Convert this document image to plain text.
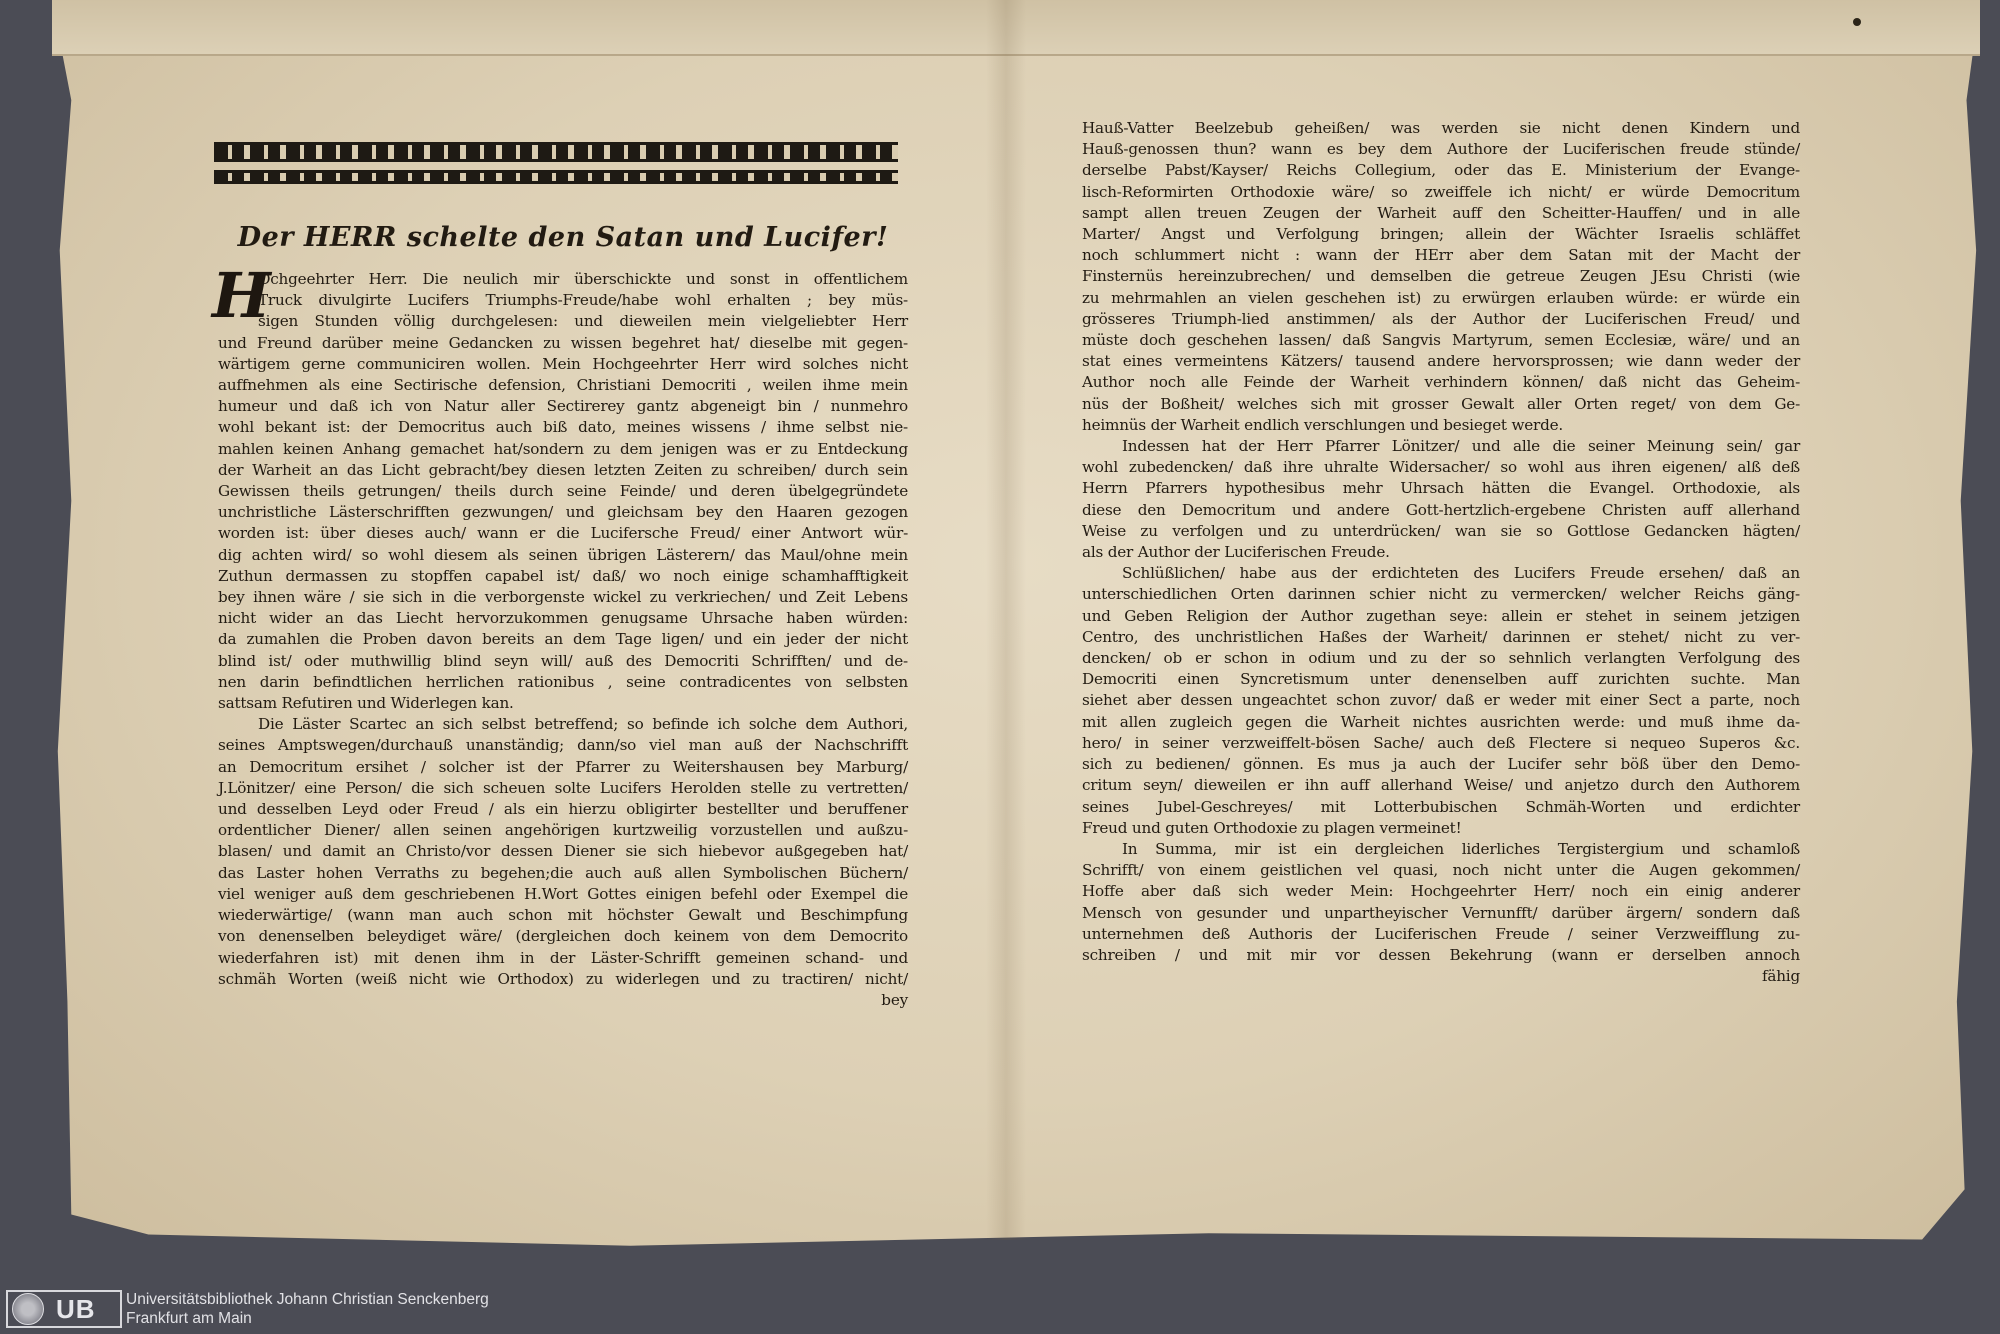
Der HERR schelte den Satan und Lucifer!
H
Ochgeehrter Herr. Die neulich mir überschickte und sonst in offentlichem
Truck divulgirte Lucifers Triumphs-Freude/habe wohl erhalten ; bey müs-
sigen Stunden völlig durchgelesen: und dieweilen mein vielgeliebter Herr
und Freund darüber meine Gedancken zu wissen begehret hat/ dieselbe mit gegen-
wärtigem gerne communiciren wollen. Mein Hochgeehrter Herr wird solches nicht
auffnehmen als eine Sectirische defension, Christiani Democriti , weilen ihme mein
humeur und daß ich von Natur aller Sectirerey gantz abgeneigt bin / nunmehro
wohl bekant ist: der Democritus auch biß dato, meines wissens / ihme selbst nie-
mahlen keinen Anhang gemachet hat/sondern zu dem jenigen was er zu Entdeckung
der Warheit an das Licht gebracht/bey diesen letzten Zeiten zu schreiben/ durch sein
Gewissen theils getrungen/ theils durch seine Feinde/ und deren übelgegründete
unchristliche Lästerschrifften gezwungen/ und gleichsam bey den Haaren gezogen
worden ist: über dieses auch/ wann er die Lucifersche Freud/ einer Antwort wür-
dig achten wird/ so wohl diesem als seinen übrigen Lästerern/ das Maul/ohne mein
Zuthun dermassen zu stopffen capabel ist/ daß/ wo noch einige schamhafftigkeit
bey ihnen wäre / sie sich in die verborgenste wickel zu verkriechen/ und Zeit Lebens
nicht wider an das Liecht hervorzukommen genugsame Uhrsache haben würden:
da zumahlen die Proben davon bereits an dem Tage ligen/ und ein jeder der nicht
blind ist/ oder muthwillig blind seyn will/ auß des Democriti Schrifften/ und de-
nen darin befindtlichen herrlichen rationibus , seine contradicentes von selbsten
sattsam Refutiren und Widerlegen kan.
Die Läster Scartec an sich selbst betreffend; so befinde ich solche dem Authori,
seines Amptswegen/durchauß unanständig; dann/so viel man auß der Nachschrifft
an Democritum ersihet / solcher ist der Pfarrer zu Weitershausen bey Marburg/
J.Lönitzer/ eine Person/ die sich scheuen solte Lucifers Herolden stelle zu vertretten/
und desselben Leyd oder Freud / als ein hierzu obligirter bestellter und beruffener
ordentlicher Diener/ allen seinen angehörigen kurtzweilig vorzustellen und außzu-
blasen/ und damit an Christo/vor dessen Diener sie sich hiebevor außgegeben hat/
das Laster hohen Verraths zu begehen;die auch auß allen Symbolischen Büchern/
viel weniger auß dem geschriebenen H.Wort Gottes einigen befehl oder Exempel die
wiederwärtige/ (wann man auch schon mit höchster Gewalt und Beschimpfung
von denenselben beleydiget wäre/ (dergleichen doch keinem von dem Democrito
wiederfahren ist) mit denen ihm in der Läster-Schrifft gemeinen schand- und
schmäh Worten (weiß nicht wie Orthodox) zu widerlegen und zu tractiren/ nicht/
bey
Hauß-Vatter Beelzebub geheißen/ was werden sie nicht denen Kindern und
Hauß-genossen thun? wann es bey dem Authore der Luciferischen freude stünde/
derselbe Pabst/Kayser/ Reichs Collegium, oder das E. Ministerium der Evange-
lisch-Reformirten Orthodoxie wäre/ so zweiffele ich nicht/ er würde Democritum
sampt allen treuen Zeugen der Warheit auff den Scheitter-Hauffen/ und in alle
Marter/ Angst und Verfolgung bringen; allein der Wächter Israelis schläffet
noch schlummert nicht : wann der HErr aber dem Satan mit der Macht der
Finsternüs hereinzubrechen/ und demselben die getreue Zeugen JEsu Christi (wie
zu mehrmahlen an vielen geschehen ist) zu erwürgen erlauben würde: er würde ein
grösseres Triumph-lied anstimmen/ als der Author der Luciferischen Freud/ und
müste doch geschehen lassen/ daß Sangvis Martyrum, semen Ecclesiæ, wäre/ und an
stat eines vermeintens Kätzers/ tausend andere hervorsprossen; wie dann weder der
Author noch alle Feinde der Warheit verhindern können/ daß nicht das Geheim-
nüs der Boßheit/ welches sich mit grosser Gewalt aller Orten reget/ von dem Ge-
heimnüs der Warheit endlich verschlungen und besieget werde.
Indessen hat der Herr Pfarrer Lönitzer/ und alle die seiner Meinung sein/ gar
wohl zubedencken/ daß ihre uhralte Widersacher/ so wohl aus ihren eigenen/ alß deß
Herrn Pfarrers hypothesibus mehr Uhrsach hätten die Evangel. Orthodoxie, als
diese den Democritum und andere Gott-hertzlich-ergebene Christen auff allerhand
Weise zu verfolgen und zu unterdrücken/ wan sie so Gottlose Gedancken hägten/
als der Author der Luciferischen Freude.
Schlüßlichen/ habe aus der erdichteten des Lucifers Freude ersehen/ daß an
unterschiedlichen Orten darinnen schier nicht zu vermercken/ welcher Reichs gäng-
und Geben Religion der Author zugethan seye: allein er stehet in seinem jetzigen
Centro, des unchristlichen Haßes der Warheit/ darinnen er stehet/ nicht zu ver-
dencken/ ob er schon in odium und zu der so sehnlich verlangten Verfolgung des
Democriti einen Syncretismum unter denenselben auff zurichten suchte. Man
siehet aber dessen ungeachtet schon zuvor/ daß er weder mit einer Sect a parte, noch
mit allen zugleich gegen die Warheit nichtes ausrichten werde: und muß ihme da-
hero/ in seiner verzweiffelt-bösen Sache/ auch deß Flectere si nequeo Superos &c.
sich zu bedienen/ gönnen. Es mus ja auch der Lucifer sehr böß über den Demo-
critum seyn/ dieweilen er ihn auff allerhand Weise/ und anjetzo durch den Authorem
seines Jubel-Geschreyes/ mit Lotterbubischen Schmäh-Worten und erdichter
Freud und guten Orthodoxie zu plagen vermeinet!
In Summa, mir ist ein dergleichen liderliches Tergistergium und schamloß
Schrifft/ von einem geistlichen vel quasi, noch nicht unter die Augen gekommen/
Hoffe aber daß sich weder Mein: Hochgeehrter Herr/ noch ein einig anderer
Mensch von gesunder und unpartheyischer Vernunfft/ darüber ärgern/ sondern daß
unternehmen deß Authoris der Luciferischen Freude / seiner Verzweifflung zu-
schreiben / und mit mir vor dessen Bekehrung (wann er derselben annoch
fähig
UB Universitätsbibliothek Johann Christian Senckenberg
Frankfurt am Main
